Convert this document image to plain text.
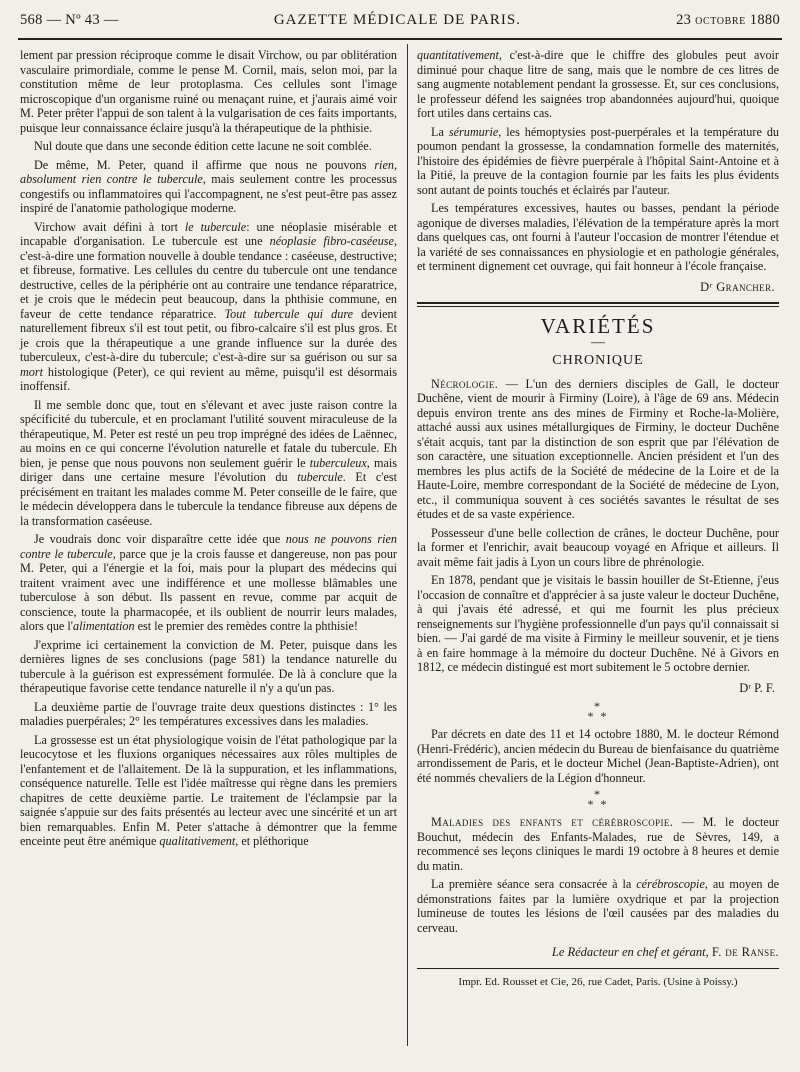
568 — Nº 43 —	GAZETTE MÉDICALE DE PARIS.	23 octobre 1880

lement par pression réciproque comme le disait Virchow, ou par oblitération vasculaire primordiale, comme le pense M. Cornil, mais, selon moi, par la constitution même de leur protoplasma. Ces cellules sont l'image microscopique d'un organisme ruiné ou menaçant ruine, et j'aurais aimé voir M. Peter prêter l'appui de son talent à la vulgarisation de ces faits importants, puisque leur connaissance éclaire jusqu'à la thérapeutique de la phthisie.

Nul doute que dans une seconde édition cette lacune ne soit comblée.

De même, M. Peter, quand il affirme que nous ne pouvons rien, absolument rien contre le tubercule, mais seulement contre les processus congestifs ou inflammatoires qui l'accompagnent, ne s'est peut-être pas assez inspiré de l'anatomie pathologique moderne.

Virchow avait défini à tort le tubercule: une néoplasie misérable et incapable d'organisation. Le tubercule est une néoplasie fibro-caséeuse, c'est-à-dire une formation nouvelle à double tendance : caséeuse, destructive; et fibreuse, formative. Les cellules du centre du tubercule ont une tendance destructive, celles de la périphérie ont au contraire une tendance réparatrice, et je crois que le médecin peut beaucoup, dans la phthisie commune, en faveur de cette tendance réparatrice. Tout tubercule qui dure devient naturellement fibreux s'il est tout petit, ou fibro-calcaire s'il est plus gros. Et je crois que la thérapeutique a une grande influence sur la durée des tuberculeux, c'est-à-dire du tubercule; c'est-à-dire sur sa guérison ou sur sa mort histologique (Peter), ce qui revient au même, puisqu'il est désormais inoffensif.

Il me semble donc que, tout en s'élevant et avec juste raison contre la spécificité du tubercule, et en proclamant l'utilité souvent miraculeuse de la thérapeutique, M. Peter est resté un peu trop imprégné des idées de Laënnec, au moins en ce qui concerne l'évolution naturelle et fatale du tubercule. Eh bien, je pense que nous pouvons non seulement guérir le tuberculeux, mais diriger dans une certaine mesure l'évolution du tubercule. Et c'est précisément en traitant les malades comme M. Peter conseille de le faire, que le médecin développera dans le tubercule la tendance fibreuse aux dépens de la transformation caséeuse.

Je voudrais donc voir disparaître cette idée que nous ne pouvons rien contre le tubercule, parce que je la crois fausse et dangereuse, non pas pour M. Peter, qui a l'énergie et la foi, mais pour la plupart des médecins qui traitent vraiment avec une indifférence et une mollesse blâmables une tuberculose à son début. Ils passent en revue, comme par acquit de conscience, toute la pharmacopée, et ils oublient de nourrir leurs malades, alors que l'alimentation est le premier des remèdes contre la phthisie!

J'exprime ici certainement la conviction de M. Peter, puisque dans les dernières lignes de ses conclusions (page 581) la tendance naturelle du tubercule à la guérison est expressément formulée. De là à conclure que la thérapeutique favorise cette tendance naturelle il n'y a qu'un pas.

La deuxième partie de l'ouvrage traite deux questions distinctes : 1° les maladies puerpérales; 2° les températures excessives dans les maladies.

La grossesse est un état physiologique voisin de l'état pathologique par la leucocytose et les fluxions organiques nécessaires aux rôles multiples de l'enfantement et de l'allaitement. De là la suppuration, et les inflammations, conséquence naturelle. Telle est l'idée maîtresse qui règne dans les premiers chapitres de cette deuxième partie. Le traitement de l'éclampsie par la saignée s'appuie sur des faits présentés au lecteur avec une sincérité et un art bien remarquables. Enfin M. Peter s'attache à démontrer que la femme enceinte peut être anémique qualitativement, et pléthorique

quantitativement, c'est-à-dire que le chiffre des globules peut avoir diminué pour chaque litre de sang, mais que le nombre de ces litres de sang augmente notablement pendant la grossesse. Et, sur ces conclusions, le professeur défend les saignées trop abandonnées aujourd'hui, quoique fort utiles dans certains cas.

La sérumurie, les hémoptysies post-puerpérales et la température du poumon pendant la grossesse, la condamnation formelle des maternités, l'histoire des épidémies de fièvre puerpérale à l'hôpital Saint-Antoine et à la Pitié, la preuve de la contagion fournie par les faits les plus évidents sont autant de points touchés et éclairés par l'auteur.

Les températures excessives, hautes ou basses, pendant la période agonique de diverses maladies, l'élévation de la température après la mort dans quelques cas, ont fourni à l'auteur l'occasion de montrer l'étendue et la variété de ses connaissances en physiologie et en pathologie générales, et terminent dignement cet ouvrage, qui fait honneur à l'école française.

Dʳ Grancher.
VARIÉTÉS
—
CHRONIQUE

Nécrologie. — L'un des derniers disciples de Gall, le docteur Duchêne, vient de mourir à Firminy (Loire), à l'âge de 69 ans. Médecin depuis environ trente ans des mines de Firminy et Roche-la-Molière, attaché aussi aux usines métallurgiques de Firminy, le docteur Duchêne s'était acquis, tant par la distinction de son esprit que par l'élévation de son caractère, une situation exceptionnelle. Ancien président et l'un des membres les plus actifs de la Société de médecine de la Loire et de la Haute-Loire, membre correspondant de la Société de médecine de Lyon, etc., il communiqua souvent à ces sociétés savantes le résultat de ses études et de sa vaste expérience.

Possesseur d'une belle collection de crânes, le docteur Duchêne, pour la former et l'enrichir, avait beaucoup voyagé en Afrique et ailleurs. Il avait même fait jadis à Lyon un cours libre de phrénologie.

En 1878, pendant que je visitais le bassin houiller de St-Etienne, j'eus l'occasion de connaître et d'apprécier à sa juste valeur le docteur Duchêne, à qui j'avais été adressé, et qui me fournit les plus précieux renseignements sur l'hygiène professionnelle d'un pays qu'il connaissait si bien. — J'ai gardé de ma visite à Firminy le meilleur souvenir, et je tiens à en faire hommage à la mémoire du docteur Duchêne. Né à Givors en 1812, ce médecin distingué est mort subitement le 5 octobre dernier.

Dʳ P. F.
*
* *

Par décrets en date des 11 et 14 octobre 1880, M. le docteur Rémond (Henri-Frédéric), ancien médecin du Bureau de bienfaisance du quatrième arrondissement de Paris, et le docteur Michel (Jean-Baptiste-Adrien), ont été nommés chevaliers de la Légion d'honneur.

*
* *

Maladies des enfants et cérébroscopie. — M. le docteur Bouchut, médecin des Enfants-Malades, rue de Sèvres, 149, a recommencé ses leçons cliniques le mardi 19 octobre à 8 heures et demie du matin.

La première séance sera consacrée à la cérébroscopie, au moyen de démonstrations faites par la lumière oxydrique et par la projection lumineuse de toutes les lésions de l'œil causées par des maladies du cerveau.

Le Rédacteur en chef et gérant, F. de Ranse.
Impr. Ed. Rousset et Cie, 26, rue Cadet, Paris. (Usine à Poissy.)
